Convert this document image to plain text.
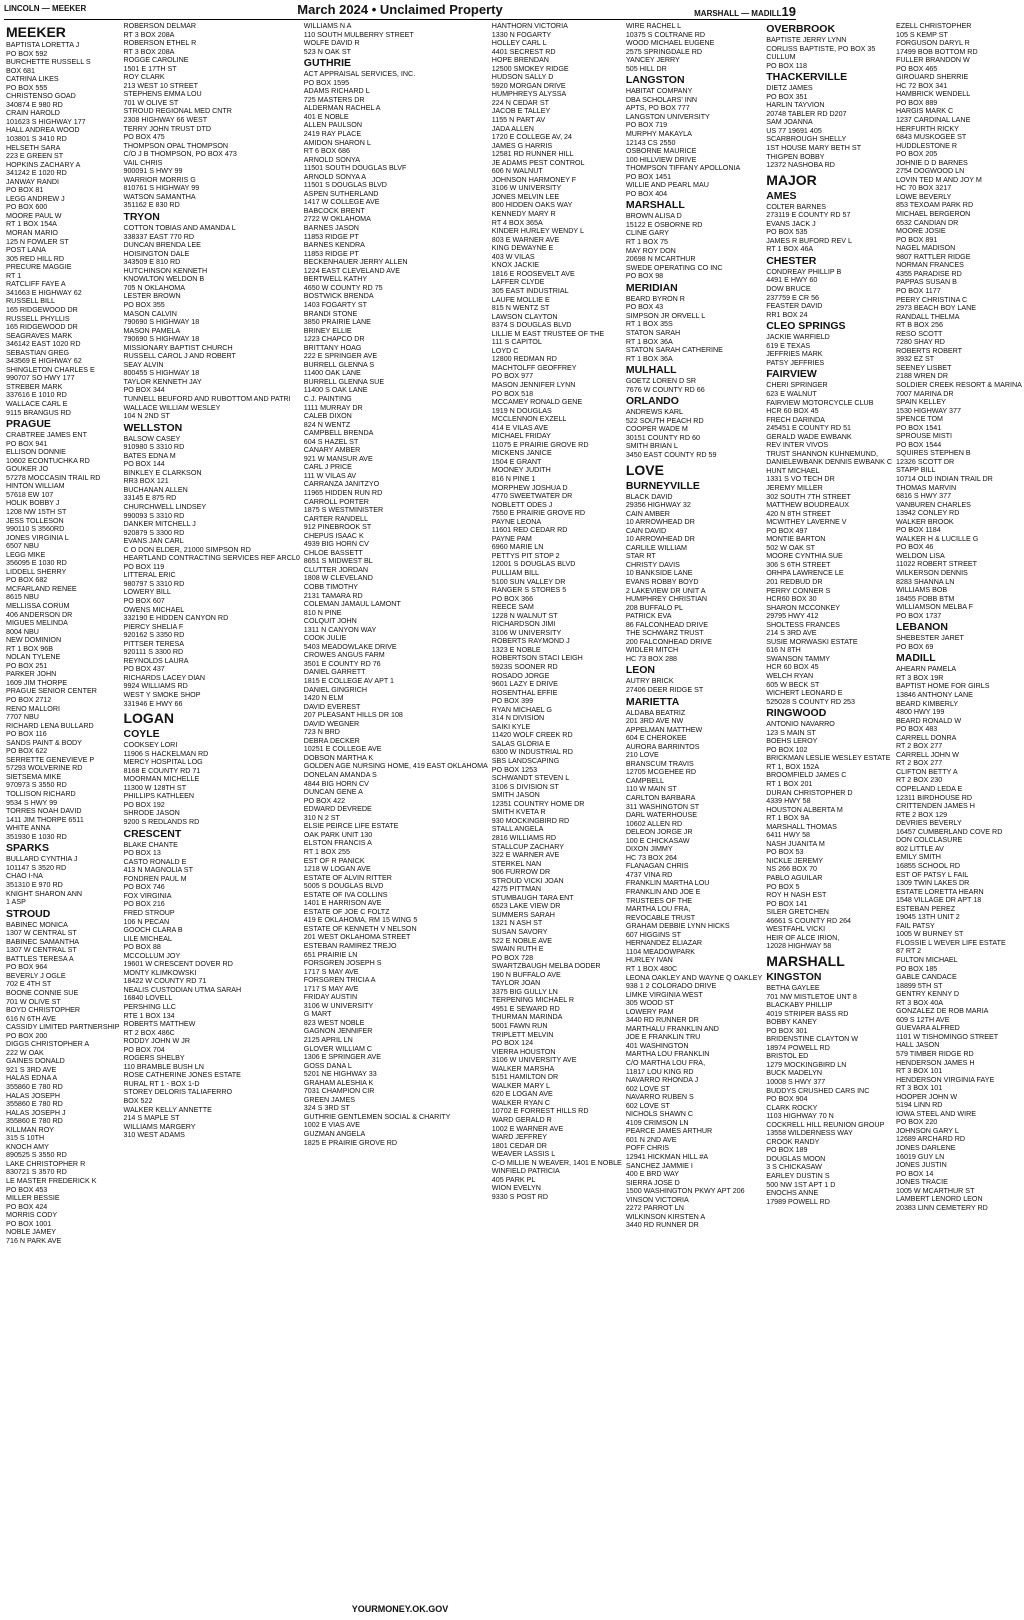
LINCOLN — MEEKER	March 2024 • Unclaimed Property	MARSHALL — MADILL19
MEEKER
BAPTISTA LORETTA J
PO BOX 592
BURCHETTE RUSSELL S
BOX 681
CATRINA LIKES
PO BOX 555
CHRISTENSO GOAD
340874 E 980 RD
CRAIN HAROLD
101623 S HIGHWAY 177
HALL ANDREA WOOD
103801 S 3410 RD
HELSETH SARA
223 E GREEN ST
HOPKINS ZACHARY A
341242 E 1020 RD
JANWAY RANDI
PO BOX 81
LEGG ANDREW J
PO BOX 600
MOORE PAUL W
RT 1 BOX 154A
MORAN MARIO
125 N FOWLER ST
POST LANA
305 RED HILL RD
PRECURE MAGGIE
RT 1
RATCLIFF FAYE A
341663 E HIGHWAY 62
RUSSELL BILL
165 RIDGEWOOD DR
RUSSELL PHYLLIS
165 RIDGEWOOD DR
SEAGRAVES MARK
346142 EAST 1020 RD
SEBASTIAN GREG
343569 E HIGHWAY 62
SHINGLETON CHARLES E
990707 SO HWY 177
STREBER MARK
337616 E 1010 RD
WALLACE CARL E
9115 BRANGUS RD
PRAGUE
CRABTREE JAMES ENT
PO BOX 941
ELLISON DONNIE
10602 ECONTUCHKA RD
GOUKER JO
57278 MOCCASIN TRAIL RD
HINTON WILLIAM
57618 EW 107
HOLIK BOBBY J
1208 NW 15TH ST
JESS TOLLESON
990110 S 3560RD
JONES VIRGINIA L
6507 NBU
LEGG MIKE
356095 E 1030 RD
LIDDELL SHERRY
PO BOX 682
MCFARLAND RENEE
8615 NBU
MELLISSA CORUM
406 ANDERSON DR
MIGUES MELINDA
8004 NBU
NEW DOMINION
RT 1 BOX 96B
NOLAN TYLENE
PO BOX 251
PARKER JOHN
1609 JIM THORPE
PRAGUE SENIOR CENTER
PO BOX 2712
RENO MALLORI
7707 NBU
RICHARD LENA BULLARD
PO BOX 116
SANDS PAINT & BODY
PO BOX 622
SERRETTE GENEVIEVE P
57293 WOLVERINE RD
SIETSEMA MIKE
970973 S 3550 RD
TOLLISON RICHARD
9534 S HWY 99
TORRES NOAH DAVID
1411 JIM THORPE 6511
WHITE ANNA
351930 E 1030 RD
SPARKS
BULLARD CYNTHIA J
101147 S 3520 RD
CHAO I-NA
351310 E 970 RD
KNIGHT SHARON ANN
1 ASP
STROUD
BABINEC MONICA
1307 W CENTRAL ST
BABINEC SAMANTHA
1307 W CENTRAL ST
BATTLES TERESA A
PO BOX 964
BEVERLY J OGLE
702 E 4TH ST
BOONE CONNIE SUE
701 W OLIVE ST
BOYD CHRISTOPHER
616 N 6TH AVE
CASSIDY LIMITED PARTNERSHIP
PO BOX 200
DIGGS CHRISTOPHER A
222 W OAK
GAINES DONALD
921 S 3RD AVE
HALAS EDNA A
355860 E 780 RD
HALAS JOSEPH
355860 E 780 RD
HALAS JOSEPH J
355860 E 780 RD
KILLMAN ROY
315 S 10TH
KNOCH AMY
890525 S 3550 RD
LAKE CHRISTOPHER R
830721 S 3570 RD
LE MASTER FREDERICK K
PO BOX 453
MILLER BESSIE
PO BOX 424
MORRIS CODY
PO BOX 1001
NOBLE JAMEY
716 N PARK AVE
ROBERSON DELMAR
RT 3 BOX 208A
ROBERSON ETHEL R
RT 3 BOX 208A
ROGGE CAROLINE
1501 E 17TH ST
ROY CLARK
213 WEST 10 STREET
STEPHENS EMMA LOU
701 W OLIVE ST
STROUD REGIONAL MED CNTR
2308 HIGHWAY 66 WEST
TERRY JOHN TRUST DTD
PO BOX 475
THOMPSON OPAL THOMPSON
C/O J B THOMPSON, PO BOX 473
VAIL CHRIS
900091 S HWY 99
WARRIOR MORRIS G
810761 S HIGHWAY 99
WATSON SAMANTHA
351162 E 830 RD
TRYON
COTTON TOBIAS AND AMANDA L
338337 EAST 770 RD
DUNCAN BRENDA LEE
HOISINGTON DALE
343509 E 810 RD
HUTCHINSON KENNETH
KNOWLTON WELDON B
705 N OKLAHOMA
LESTER BROWN
PO BOX 355
MASON CALVIN
790690 S HIGHWAY 18
MASON PAMELA
790690 S HIGHWAY 18
MISSIONARY BAPTIST CHURCH
RUSSELL CAROL J AND ROBERT
SEAY ALVIN
800455 S HIGHWAY 18
TAYLOR KENNETH JAY
PO BOX 344
TUNNELL BEUFORD AND RUBOTTOM AND PATRI
WALLACE WILLIAM WESLEY
104 N 2ND ST
WELLSTON
BALSOW CASEY
910980 S 3310 RD
BATES EDNA M
PO BOX 144
BINKLEY E CLARKSON
RR3 BOX 121
BUCHANAN ALLEN
33145 E 875 RD
CHURCHWELL LINDSEY
990093 S 3310 RD
DANKER MITCHELL J
920879 S 3300 RD
EVANS JAN CARL
C O DON ELDER, 21000 SIMPSON RD
HEARTLAND CONTRACTING SERVICES REF ARCL0
PO BOX 119
LITTERAL ERIC
980797 S 3310 RD
LOWERY BILL
PO BOX 607
OWENS MICHAEL
332190 E HIDDEN CANYON RD
PIERCY SHELIA F
920162 S 3350 RD
PITTSER TERESA
920111 S 3300 RD
REYNOLDS LAURA
PO BOX 437
RICHARDS LACEY DIAN
9924 WILLIAMS RD
WEST Y SMOKE SHOP
331946 E HWY 66
LOGAN
COYLE
COOKSEY LORI
11906 S HACKELMAN RD
MERCY HOSPITAL LOG
8168 E COUNTY RD 71
MOORMAN MICHELLE
11300 W 128TH ST
PHILLIPS KATHLEEN
PO BOX 192
SHRODE JASON
9200 S REDLANDS RD
CRESCENT
BLAKE CHANTE
PO BOX 13
CASTO RONALD E
413 N MAGNOLIA ST
FONDREN PAUL M
PO BOX 746
FOX VIRGINIA
PO BOX 216
FRED STROUP
106 N PECAN
GOOCH CLARA B
LILE MICHEAL
PO BOX 88
MCCOLLUM JOY
19601 W CRESCENT DOVER RD
MONTY KLIMKOWSKI
18422 W COUNTY RD 71
NEALIS CUSTODIAN UTMA SARAH
16840 LOVELL
PERSHING LLC
RTE 1 BOX 134
ROBERTS MATTHEW
RT 2 BOX 486C
RODDY JOHN W JR
PO BOX 704
ROGERS SHELBY
110 BRAMBLE BUSH LN
ROSE CATHERINE JONES ESTATE
RURAL RT 1 - BOX 1-D
STOREY DELORIS TALIAFERRO
BOX 522
WALKER KELLY ANNETTE
214 S MAPLE ST
WILLIAMS MARGERY
310 WEST ADAMS
WILLIAMS N A
110 SOUTH MULBERRY STREET
WOLFE DAVID R
523 N OAK ST
GUTHRIE
ACT APPRAISAL SERVICES, INC.
PO BOX 1595
ADAMS RICHARD L
725 MASTERS DR
ALDERMAN RACHEL A
401 E NOBLE
ALLEN PAULSON
2419 RAY PLACE
AMIDON SHARON L
RT 6 BOX 686
ARNOLD SONYA
11501 SOUTH DOUGLAS BLVF
ARNOLD SONYA A
11501 S DOUGLAS BLVD
ASPEN SUTHERLAND
1417 W COLLEGE AVE
BABCOCK BRENT
2722 W OKLAHOMA
BARNES JASON
11853 RIDGE PT
BARNES KENDRA
11853 RIDGE PT
BECKENHAUER JERRY ALLEN
1224 EAST CLEVELAND AVE
BERTWELL KATHY
4650 W COUNTY RD 75
BOSTWICK BRENDA
1403 FOGARTY ST
BRANDI STONE
3850 PRAIRIE LANE
BRINEY ELLIE
1223 CHAPCO DR
BRITTANY HOAG
222 E SPRINGER AVE
BURRELL GLENNA S
11400 OAK LANE
BURRELL GLENNA SUE
11400 S OAK LANE
C.J. PAINTING
1111 MURRAY DR
CALEB DIXON
824 N WENTZ
CAMPBELL BRENDA
604 S HAZEL ST
CANARY AMBER
921 W MANSUR AVE
CARL J PRICE
111 W VILAS AV
CARRANZA JANITZYO
11965 HIDDEN RUN RD
CARROLL PORTER
1875 S WESTMINISTER
CARTER RANDELL
912 PINEBROOK ST
CHEPUS ISAAC K
4939 BIG HORN CV
CHLOE BASSETT
8651 S MIDWEST BL
CLUTTER JORDAN
1808 W CLEVELAND
COBB TIMOTHY
2131 TAMARA RD
COLEMAN JAMAUL LAMONT
810 N PINE
COLQUIT JOHN
1311 N CANYON WAY
COOK JULIE
5403 MEADOWLAKE DRIVE
CROWES ANGUS FARM
3501 E COUNTY RD 76
DANIEL GARRETT
1815 E COLLEGE AV APT 1
DANIEL GINGRICH
1420 N ELM
DAVID EVEREST
207 PLEASANT HILLS DR 108
DAVID WEGNER
723 N BRD
DEBRA DECKER
10251 E COLLEGE AVE
DOBSON MARTHA K
GOLDEN AGE NURSING HOME, 419 EAST OKLAHOMA
DONELAN AMANDA S
4844 BIG HORN CV
DUNCAN GENE A
PO BOX 422
EDWARD DEVREDE
310 N 2 ST
ELSIE PEIRCE LIFE ESTATE
OAK PARK UNIT 130
ELSTON FRANCIS A
RT 1 BOX 255
EST OF R PANICK
1218 W LOGAN AVE
ESTATE OF ALVIN RITTER
5005 S DOUGLAS BLVD
ESTATE OF IVA COLLINS
1401 E HARRISON AVE
ESTATE OF JOE C FOLTZ
419 E OKLAHOMA, RM 15 WING 5
ESTATE OF KENNETH V NELSON
201 WEST OKLAHOMA STREET
ESTEBAN RAMIREZ TREJO
651 PRAIRIE LN
FORSGREN JOSEPH S
1717 S MAY AVE
FORSGREN TRICIA A
1717 S MAY AVE
FRIDAY AUSTIN
3106 W UNIVERSITY
G MART
823 WEST NOBLE
GAGNON JENNIFER
2125 APRIL LN
GLOVER WILLIAM C
1306 E SPRINGER AVE
GOSS DANA L
5201 NE HIGHWAY 33
GRAHAM ALESHIA K
7031 CHAMPION CIR
GREEN JAMES
324 S 3RD ST
GUTHRIE GENTLEMEN SOCIAL & CHARITY
1002 E VIAS AVE
GUZMAN ANGELA
1825 E PRAIRIE GROVE RD
HANTHORN VICTORIA
1330 N FOGARTY
HOLLEY CARL L
4401 SECREST RD
HOPE BRENDAN
12500 SMOKEY RIDGE
HUDSON SALLY D
5920 MORGAN DRIVE
HUMPHREYS ALYSSA
224 N CEDAR ST
JACOB E TALLEY
1155 N PART AV
JADA ALLEN
1720 E COLLEGE AV, 24
JAMES G HARRIS
12581 RD RUNNER HILL
JE ADAMS PEST CONTROL
606 N WALNUT
JOHNSON HARMONEY F
3106 W UNIVERSITY
JONES MELVIN LEE
800 HIDDEN OAKS WAY
KENNEDY MARY R
RT 4 BOX 365A
KINDER HURLEY WENDY L
803 E WARNER AVE
KING DEWAYNE E
403 W VILAS
KNOX JACKIE
1816 E ROOSEVELT AVE
LAFFER CLYDE
305 EAST INDUSTRIAL
LAUFE MOLLIE E
815 N WENTZ ST
LAWSON CLAYTON
8374 S DOUGLAS BLVD
LILLIE M EAST TRUSTEE OF THE
111 S CAPITOL
LOYD C
12800 REDMAN RD
MACHTOLFF GEOFFREY
PO BOX 977
MASON JENNIFER LYNN
PO BOX 518
MCCAMEY RONALD GENE
1919 N DOUGLAS
MCCLENNON EXZELL
414 E VILAS AVE
MICHAEL FRIDAY
11075 E PRAIRIE GROVE RD
MICKENS JANICE
1504 E GRANT
MOONEY JUDITH
816 N PINE 1
MORPHEW JOSHUA D
4770 SWEETWATER DR
NOBLETT ODES J
7550 E PRAIRIE GROVE RD
PAYNE LEONA
11601 RED CEDAR RD
PAYNE PAM
6960 MARIE LN
PETTYS PIT STOP 2
12001 S DOUGLAS BLVD
PULLIAM BILL
5100 SUN VALLEY DR
RANGER S STORES 5
PO BOX 366
REECE SAM
1228 N WALNUT ST
RICHARDSON JIMI
3106 W UNIVERSITY
ROBERTS RAYMOND J
1323 E NOBLE
ROBERTSON STACI LEIGH
5923S SOONER RD
ROSADO JORGE
9601 LAZY E DRIVE
ROSENTHAL EFFIE
PO BOX 399
RYAN MICHAEL G
314 N DIVISION
SAIKI KYLE
11420 WOLF CREEK RD
SALAS GLORIA E
6300 W INDUSTRIAL RD
SBS LANDSCAPING
PO BOX 1253
SCHWANDT STEVEN L
3106 S DIVISION ST
SMITH JASON
12351 COUNTRY HOME DR
SMITH KVETA R
930 MOCKINGBIRD RD
STALL ANGELA
2816 WILLIAMS RD
STALLCUP ZACHARY
322 E WARNER AVE
STERKEL NAN
906 FURROW DR
STROUD VICKI JOAN
4275 PITTMAN
STUMBAUGH TARA ENT
6523 LAKE VIEW DR
SUMMERS SARAH
1321 N ASH ST
SUSAN SAVORY
522 E NOBLE AVE
SWAIN RUTH E
PO BOX 728
SWARTZBAUGH MELBA DODER
190 N BUFFALO AVE
TAYLOR JOAN
3375 BIG GULLY LN
TERPENING MICHAEL R
4951 E SEWARD RD
THURMAN MARINDA
5001 FAWN RUN
TRIPLETT MELVIN
PO BOX 124
VIERRA HOUSTON
3106 W UNIVERSITY AVE
WALKER MARSHA
5151 HAMILTON DR
WALKER MARY L
620 E LOGAN AVE
WALKER RYAN C
10702 E FORREST HILLS RD
WARD GERALD R
1002 E WARNER AVE
WARD JEFFREY
1801 CEDAR DR
WEAVER LASSIS L
C-O MILLIE N WEAVER, 1401 E NOBLE
WINFIELD PATRICIA
405 PARK PL
WION EVELYN
9330 S POST RD
WIRE RACHEL L
10375 S COLTRANE RD
WOOD MICHAEL EUGENE
2575 SPRINGDALE RD
YANCEY JERRY
505 HILL DR
LANGSTON
HABITAT COMPANY
DBA SCHOLARS' INN
APTS, PO BOX 777
LANGSTON UNIVERSITY
PO BOX 719
MURPHY MAKAYLA
12143 CS 2550
OSBORNE MAURICE
100 HILLVIEW DRIVE
THOMPSON TIFFANY APOLLONIA
PO BOX 1451
WILLIE AND PEARL MAU
PO BOX 404
MARSHALL
BROWN ALISA D
15122 E OSBORNE RD
CLINE GARY
RT 1 BOX 75
MAY ROY DON
20698 N MCARTHUR
SWEDE OPERATING CO INC
PO BOX 98
MERIDIAN
BEARD BYRON R
PO BOX 43
SIMPSON JR ORVELL L
RT 1 BOX 35S
STATON SARAH
RT 1 BOX 36A
STATON SARAH CATHERINE
RT 1 BOX 36A
MULHALL
GOETZ LOREN D SR
7676 W COUNTY RD 66
ORLANDO
ANDREWS KARL
522 SOUTH PEACH RD
COOPER WADE M
30151 COUNTY RD 60
SMITH BRIAN L
3450 EAST COUNTY RD 59
LOVE
BURNEYVILLE
BLACK DAVID
29356 HIGHWAY 32
CAIN AMBER
10 ARROWHEAD DR
CAIN DAVID
10 ARROWHEAD DR
CARLILE WILLIAM
STAR RT
CHRISTY DAVIS
10 BANKSIDE LANE
EVANS ROBBY BOYD
2 LAKEVIEW DR UNIT A
HUMPHREY CHRISTIAN
208 BUFFALO PL
PATRICK EVA
86 FALCONHEAD DRIVE
THE SCHWARZ TRUST
200 FALCONHEAD DRIVE
WIDLER MITCH
HC 73 BOX 288
LEON
AUTRY BRICK
27406 DEER RIDGE ST
MARIETTA
ALDABA BEATRIZ
201 3RD AVE NW
APPELMAN MATTHEW
604 E CHEROKEE
AURORA BARRINTOS
210 LOVE
BRANSCUM TRAVIS
12705 MCGEHEE RD
CAMPBELL
110 W MAIN ST
CARLTON BARBARA
311 WASHINGTON ST
DARL WATERHOUSE
10602 ALLEN RD
DELEON JORGE JR
100 E CHICKASAW
DIXON JIMMY
HC 73 BOX 264
FLANAGAN CHRIS
4737 VINA RD
FRANKLIN MARTHA LOU
FRANKLIN AND JOE E
TRUSTEES OF THE
MARTHA LOU FRA,
REVOCABLE TRUST
GRAHAM DEBBIE LYNN HICKS
607 HIGGINS ST
HERNANDEZ ELIAZAR
1104 MEADOWPARK
HURLEY IVAN
RT 1 BOX 480C
LEONA OAKLEY AND WAYNE Q OAKLEY
938 1 2 COLORADO DRIVE
LIMKE VIRGINIA WEST
305 WOOD ST
LOWERY PAM
3440 RD RUNNER DR
MARTHALU FRANKLIN AND
JOE E FRANKLIN TRU
401 WASHINGTON
MARTHA LOU FRANKLIN
C/O MARTHA LOU FRA,
11817 LOU KING RD
NAVARRO RHONDA J
602 LOVE ST
NAVARRO RUBEN S
602 LOVE ST
NICHOLS SHAWN C
4109 CRIMSON LN
PEARCE JAMES ARTHUR
601 N 2ND AVE
POFF CHRIS
12941 HICKMAN HILL #A
SANCHEZ JAMMIE I
400 E BRD WAY
SIERRA JOSE D
1500 WASHINGTON PKWY APT 206
VINSON VICTORIA
2272 PARROT LN
WILKINSON KIRSTEN A
3440 RD RUNNER DR
OVERBROOK
BAPTISTE JERRY LYNN
CORLISS BAPTISTE, PO BOX 35
CULLUM
PO BOX 118
THACKERVILLE
DIETZ JAMES
PO BOX 351
HARLIN TAYVION
20748 TABLER RD D207
SAM JOANNA
US 77 19691 405
SCARBROUGH SHELLY
1ST HOUSE MARY BETH ST
THIGPEN BOBBY
12372 NASHOBA RD
MAJOR
AMES
COLTER BARNES
273119 E COUNTY RD 57
EVANS JACK J
PO BOX 535
JAMES R BUFORD REV L
RT 1 BOX 46A
CHESTER
CONDREAY PHILLIP B
4491 E HWY 60
DOW BRUCE
237759 E CR 56
FEASTER DAVID
RR1 BOX 24
CLEO SPRINGS
JACKIE WARFIELD
619 E TEXAS
JEFFRIES MARK
PATSY JEFFRIES
FAIRVIEW
CHERI SPRINGER
623 E WALNUT
FAIRVIEW MOTORCYCLE CLUB
HCR 60 BOX 45
FRECH DARINDA
245451 E COUNTY RD 51
GERALD WADE EWBANK
REV INTER VIVOS
TRUST SHANNON KUHNEMUND,
DANIELEWBANK DENNIS EWBANK C
HUNT MICHAEL
1331 S VO TECH DR
JEREMY MILLER
302 SOUTH 7TH STREET
MATTHEW BOUDREAUX
420 N 8TH STREET
MCWITHEY LAVERNE V
PO BOX 497
MONTIE BARTON
502 W OAK ST
MOORE CYNTHIA SUE
306 S 6TH STREET
ORHPA LAWRENCE LE
201 REDBUD DR
PERRY CONNER S
HCR60 BOX 30
SHARON MCCONKEY
29795 HWY 412
SHOLTESS FRANCES
214 S 3RD AVE
SUSIE MORWASKI ESTATE
616 N 8TH
SWANSON TAMMY
HCR 60 BOX 45
WELCH RYAN
605 W BECK ST
WICHERT LEONARD E
525028 S COUNTY RD 253
RINGWOOD
ANTONIO NAVARRO
123 S MAIN ST
BOEHS LEROY
PO BOX 102
BRICKMAN LESLIE WESLEY ESTATE
RT 1, BOX 152A
BROOMFIELD JAMES C
RT 1 BOX 201
DURAN CHRISTOPHER D
4339 HWY 58
HOUSTON ALBERTA M
RT 1 BOX 9A
MARSHALL THOMAS
6411 HWY 58
NASH JUANITA M
PO BOX 53
NICKLE JEREMY
NS 266 BOX 70
PABLO AGUILAR
PO BOX 5
ROY H NASH EST
PO BOX 141
SILER GRETCHEN
46661 S COUNTY RD 264
WESTFAHL VICKI
HEIR OF ALCE IRION,
12028 HIGHWAY 58
MARSHALL
KINGSTON
BETHA GAYLEE
701 NW MISTLETOE UNT 8
BLACKABY PHILLIP
4019 STRIPER BASS RD
BOBBY KANEY
PO BOX 301
BRIDENSTINE CLAYTON W
18974 POWELL RD
BRISTOL ED
1279 MOCKINGBIRD LN
BUCK MADELYN
10008 S HWY 377
BUDDYS CRUSHED CARS INC
PO BOX 904
CLARK ROCKY
1103 HIGHWAY 70 N
COCKRELL HILL REUNION GROUP
13558 WILDERNESS WAY
CROOK RANDY
PO BOX 189
DOUGLAS MOON
3 S CHICKASAW
EARLEY DUSTIN S
500 NW 1ST APT 1 D
ENOCHS ANNE
17989 POWELL RD
EZELL CHRISTOPHER
105 S KEMP ST
FORGUSON DARYL R
17499 BOB BOTTOM RD
FULLER BRANDON W
PO BOX 465
GIROUARD SHERRIE
HC 72 BOX 341
HAMBRICK WENDELL
PO BOX 889
HARGIS MARK C
1237 CARDINAL LANE
HERFURTH RICKY
6843 MUSKOGEE ST
HUDDLESTONE R
PO BOX 205
JOHNIE D D BARNES
2754 DOGWOOD LN
LOVIN TED M AND JOY M
HC 70 BOX 3217
LOWE BEVERLY
853 TEXOAM PARK RD
MICHAEL BERGERON
6532 CANDIAN DR
MOORE JOSIE
PO BOX 891
NAGEL MADISON
9807 RATTLER RIDGE
NORMAN FRANCES
4355 PARADISE RD
PAPPAS SUSAN B
PO BOX 1177
PEERY CHRISTINA C
2973 BEACH BOY LANE
RANDALL THELMA
RT B BOX 256
RESO SCOTT
7280 SHAY RD
ROBERTS ROBERT
3932 EZ ST
SEENEY LISBET
2188 WREN DR
SOLDIER CREEK RESORT & MARINA
7007 MARINA DR
SPAIN KELLEY
1530 HIGHWAY 377
SPENCE TOM
PO BOX 1541
SPROUSE MISTI
PO BOX 1544
SQUIRES STEPHEN B
12326 SCOTT DR
STAPP BILL
10714 OLD INDIAN TRAIL DR
THOMAS MARVIN
6816 S HWY 377
VANBUREN CHARLES
13942 CONLEY RD
WALKER BROOK
PO BOX 1184
WALKER H & LUCILLE G
PO BOX 46
WELDON LISA
11022 ROBERT STREET
WILKERSON DENNIS
8283 SHANNA LN
WILLIAMS BOB
18455 FOBB BTM
WILLIAMSON MELBA F
PO BOX 1737
LEBANON
SHEBESTER JARET
PO BOX 69
MADILL
AHEARN PAMELA
RT 3 BOX 19R
BAPTIST HOME FOR GIRLS
13846 ANTHONY LANE
BEARD KIMBERLY
4800 HWY 199
BEARD RONALD W
PO BOX 483
CARRELL DONRA
RT 2 BOX 277
CARRELL JOHN W
RT 2 BOX 277
CLIFTON BETTY A
RT 2 BOX 230
COPELAND LEDA E
12311 BIRDHOUSE RD
CRITTENDEN JAMES H
RTE 2 BOX 129
DEVRIES BEVERLY
16457 CUMBERLAND COVE RD
DON COLCLASURE
802 LITTLE AV
EMILY SMITH
16855 SCHOOL RD
EST OF PATSY L FAIL
1309 TWIN LAKES DR
ESTATE LORETTA HEARN
1548 VILLAGE DR APT 18
ESTEBAN PEREZ
19045 13TH UNIT 2
FAIL PATSY
1005 W BURNEY ST
FLOSSIE L WEVER LIFE ESTATE
87 RT 2
FULTON MICHAEL
PO BOX 185
GABLE CANDACE
18899 5TH ST
GENTRY KENNY D
RT 3 BOX 40A
GONZALEZ DE ROB MARIA
609 S 12TH AVE
GUEVARA ALFRED
1101 W TISHOMINGO STREET
HALL JASON
579 TIMBER RIDGE RD
HENDERSON JAMES H
RT 3 BOX 101
HENDERSON VIRGINIA FAYE
RT 3 BOX 101
HOOPER JOHN W
5194 LINN RD
IOWA STEEL AND WIRE
PO BOX 220
JOHNSON GARY L
12689 ARCHARD RD
JONES DARLENE
16019 GUY LN
JONES JUSTIN
PO BOX 14
JONES TRACIE
1005 W MCARTHUR ST
LAMBERT LENORD LEON
20383 LINN CEMETERY RD
YOURMONEY.OK.GOV
